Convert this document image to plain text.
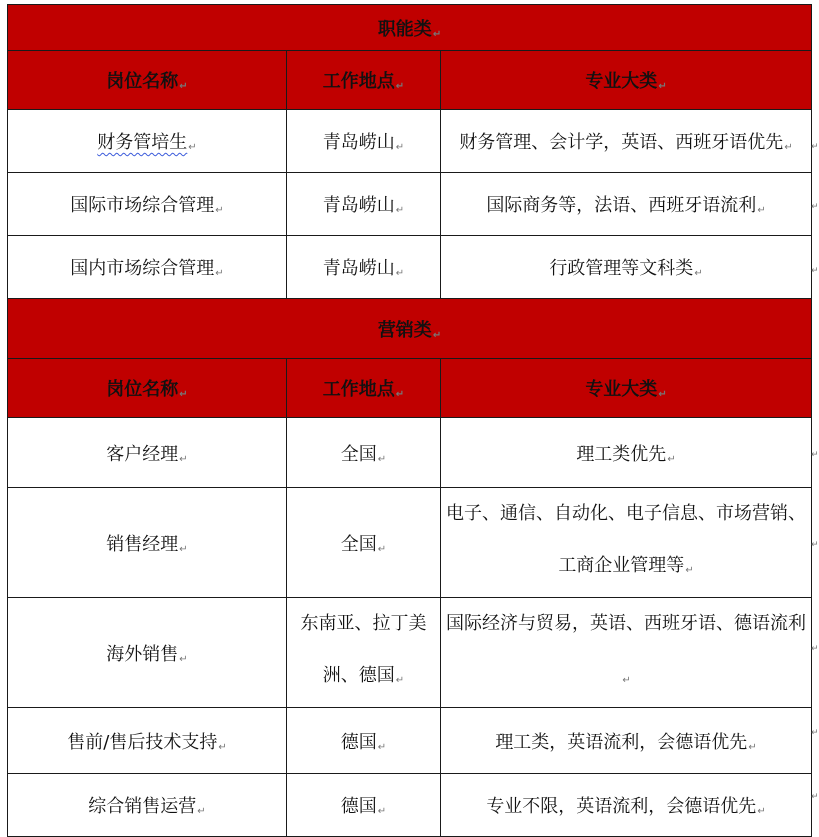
职能类↵		
岗位名称↵	工作地点↵	专业大类↵
财务管培生↵	青岛崂山↵	财务管理、会计学，英语、西班牙语优先↵
国际市场综合管理↵	青岛崂山↵	国际商务等，法语、西班牙语流利↵
国内市场综合管理↵	青岛崂山↵	行政管理等文科类↵
营销类↵		
岗位名称↵	工作地点↵	专业大类↵
客户经理↵	全国↵	理工类优先↵
销售经理↵	全国↵	电子、通信、自动化、电子信息、市场营销、工商企业管理等↵
海外销售↵	东南亚、拉丁美洲、德国↵	国际经济与贸易，英语、西班牙语、德语流利↵
售前/售后技术支持↵	德国↵	理工类，英语流利，会德语优先↵
综合销售运营↵	德国↵	专业不限，英语流利，会德语优先↵
↵
↵
↵
↵
↵
↵
↵
↵
